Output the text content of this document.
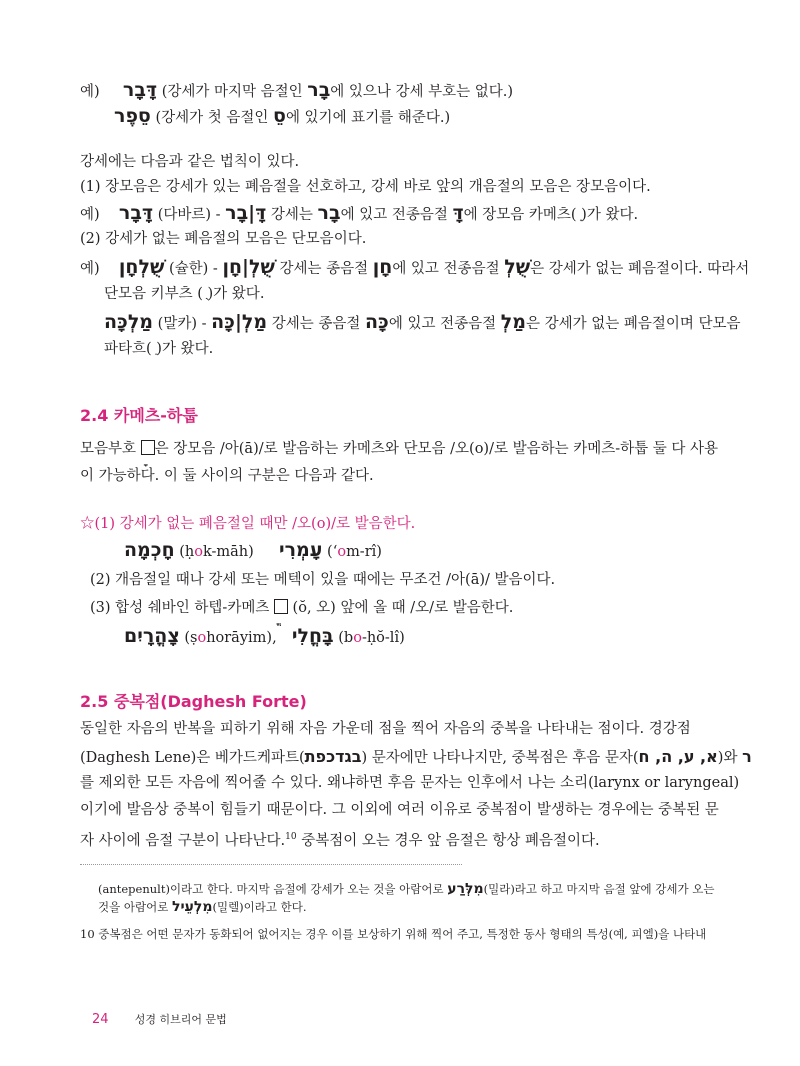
예) דָּבָר (강세가 마지막 음절인 בָר에 있으나 강세 부호는 없다.)
סֵפֶר (강세가 첫 음절인 סֵ에 있기에 표기를 해준다.)
강세에는 다음과 같은 법칙이 있다.
(1) 장모음은 강세가 있는 폐음절을 선호하고, 강세 바로 앞의 개음절의 모음은 장모음이다.
예) דָּבָר (다바르) - דָּ|בָר 강세는 בָר에 있고 전종음절 דָּ에 장모음 카메츠( ָ)가 왔다.
(2) 강세가 없는 폐음절의 모음은 단모음이다.
예) שֻׁלְחָן (슐한) - שֻׁלְ|חָן 강세는 종음절 חָן에 있고 전종음절 שֻׁלְ은 강세가 없는 폐음절이다. 따라서
단모음 키부츠 ( ֻ)가 왔다.
מַלְכָּה (말카) - מַלְ|כָּה 강세는 종음절 כָּה에 있고 전종음절 מַלְ은 강세가 없는 폐음절이며 단모음
파타흐( ַ)가 왔다.
2.4 카메츠-하툽
모음부호
은 장모음 /아(ā)/로 발음하는 카메츠와 단모음 /오(o)/로 발음하는 카메츠-하툽 둘 다 사용
이 가능하다. 이 둘 사이의 구분은 다음과 같다.
☆(1) 강세가 없는 폐음절일 때만 /오(o)/로 발음한다.
חָכְמָה (ḥok-māh) עָמְרִי (ʻom-rî)
(2) 개음절일 때나 강세 또는 메텍이 있을 때에는 무조건 /아(ā)/ 발음이다.
(3) 합성 쉐바인 하텝-카메츠
(ŏ, 오) 앞에 올 때 /오/로 발음한다.
צָהֳרָיִם (ṣohorāyim), בָּחֳלִי (bo-ḥŏ-lî)
2.5 중복점(Daghesh Forte)
동일한 자음의 반복을 피하기 위해 자음 가운데 점을 찍어 자음의 중복을 나타내는 점이다. 경강점
(Daghesh Lene)은 베가드케파트(בגדכפת) 문자에만 나타나지만, 중복점은 후음 문자(א, ע, ה, ח)와 ר
를 제외한 모든 자음에 찍어줄 수 있다. 왜냐하면 후음 문자는 인후에서 나는 소리(larynx or laryngeal)
이기에 발음상 중복이 힘들기 때문이다. 그 이외에 여러 이유로 중복점이 발생하는 경우에는 중복된 문
자 사이에 음절 구분이 나타난다.$^{10}$ 중복점이 오는 경우 앞 음절은 항상 폐음절이다.
(antepenult)이라고 한다. 마지막 음절에 강세가 오는 것을 아람어로 מִלְּרַע(밀라)라고 하고 마지막 음절 앞에 강세가 오는
것을 아람어로 מִלְעֵיל(밀렐)이라고 한다.
10 중복점은 어떤 문자가 동화되어 없어지는 경우 이를 보상하기 위해 찍어 주고, 특정한 동사 형태의 특성(예, 피엘)을 나타내
24 성경 히브리어 문법
